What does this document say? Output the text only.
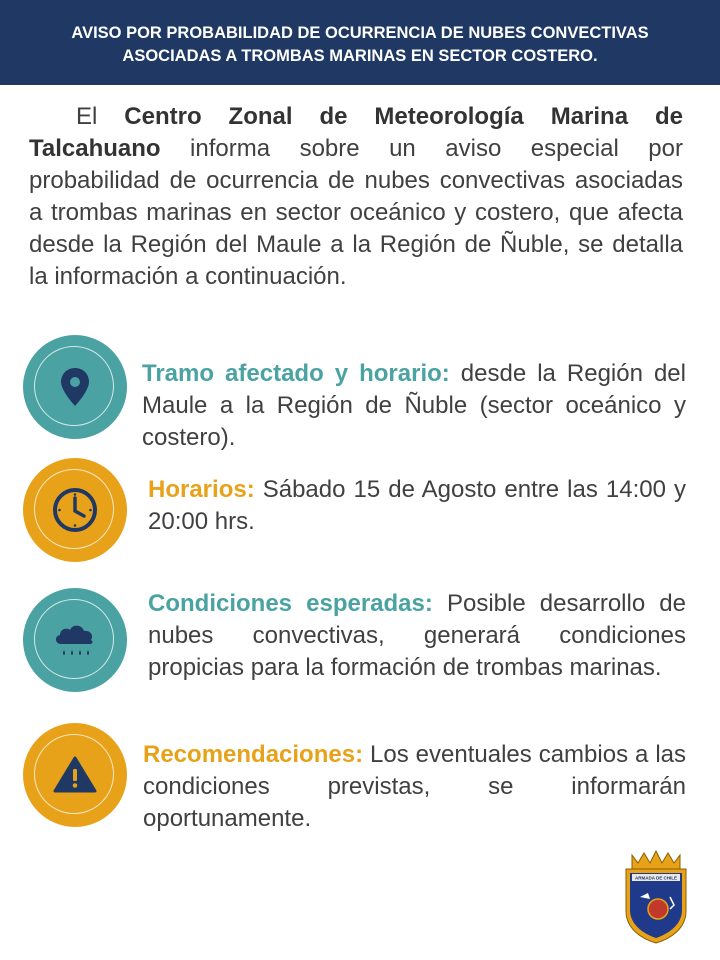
AVISO POR PROBABILIDAD DE OCURRENCIA DE NUBES CONVECTIVAS
ASOCIADAS A TROMBAS MARINAS EN SECTOR COSTERO.
El Centro Zonal de Meteorología Marina de Talcahuano informa sobre un aviso especial por probabilidad de ocurrencia de nubes convectivas asociadas a trombas marinas en sector oceánico y costero, que afecta desde la Región del Maule a la Región de Ñuble, se detalla la información a continuación.
Tramo afectado y horario: desde la Región del Maule a la Región de Ñuble (sector oceánico y costero).
Horarios: Sábado 15 de Agosto entre las 14:00 y 20:00 hrs.
Condiciones esperadas: Posible desarrollo de nubes convectivas, generará condiciones propicias para la formación de trombas marinas.
Recomendaciones: Los eventuales cambios a las condiciones previstas, se informarán oportunamente.
ARMADA DE CHILE
